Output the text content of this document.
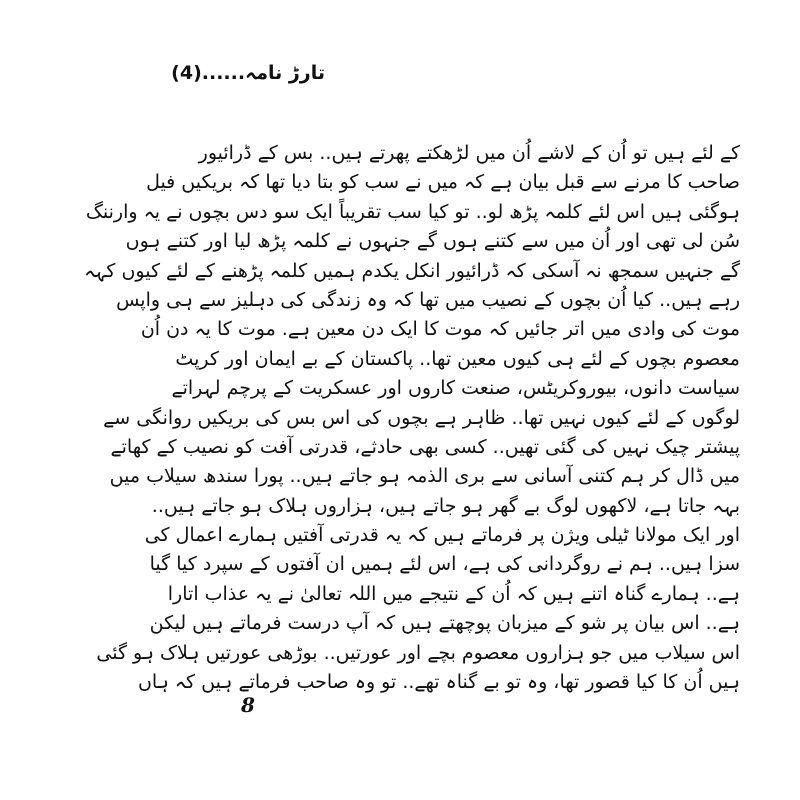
تارڑ نامہ......(4)
کے لئے ہیں تو اُن کے لاشے اُن میں لڑھکتے پھرتے ہیں.. بس کے ڈرائیور
صاحب کا مرنے سے قبل بیان ہے کہ میں نے سب کو بتا دیا تھا کہ بریکیں فیل
ہوگئی ہیں اس لئے کلمہ پڑھ لو.. تو کیا سب تقریباً ایک سو دس بچوں نے یہ وارننگ
سُن لی تھی اور اُن میں سے کتنے ہوں گے جنہوں نے کلمہ پڑھ لیا اور کتنے ہوں
گے جنہیں سمجھ نہ آسکی کہ ڈرائیور انکل یکدم ہمیں کلمہ پڑھنے کے لئے کیوں کہہ
رہے ہیں.. کیا اُن بچوں کے نصیب میں تھا کہ وہ زندگی کی دہلیز سے ہی واپس
موت کی وادی میں اتر جائیں کہ موت کا ایک دن معین ہے. موت کا یہ دن اُن
معصوم بچوں کے لئے ہی کیوں معین تھا.. پاکستان کے بے ایمان اور کرپٹ
سیاست دانوں، بیوروکریٹس، صنعت کاروں اور عسکریت کے پرچم لہراتے
لوگوں کے لئے کیوں نہیں تھا.. ظاہر ہے بچوں کی اس بس کی بریکیں روانگی سے
پیشتر چیک نہیں کی گئی تھیں.. کسی بھی حادثے، قدرتی آفت کو نصیب کے کھاتے
میں ڈال کر ہم کتنی آسانی سے بری الذمہ ہو جاتے ہیں.. پورا سندھ سیلاب میں
بہہ جاتا ہے، لاکھوں لوگ بے گھر ہو جاتے ہیں، ہزاروں ہلاک ہو جاتے ہیں..
اور ایک مولانا ٹیلی ویژن پر فرماتے ہیں کہ یہ قدرتی آفتیں ہمارے اعمال کی
سزا ہیں.. ہم نے روگردانی کی ہے، اس لئے ہمیں ان آفتوں کے سپرد کیا گیا
ہے.. ہمارے گناہ اتنے ہیں کہ اُن کے نتیجے میں اللہ تعالیٰ نے یہ عذاب اتارا
ہے.. اس بیان پر شو کے میزبان پوچھتے ہیں کہ آپ درست فرماتے ہیں لیکن
اس سیلاب میں جو ہزاروں معصوم بچے اور عورتیں.. بوڑھی عورتیں ہلاک ہو گئی
ہیں اُن کا کیا قصور تھا، وہ تو بے گناہ تھے.. تو وہ صاحب فرماتے ہیں کہ ہاں
8
